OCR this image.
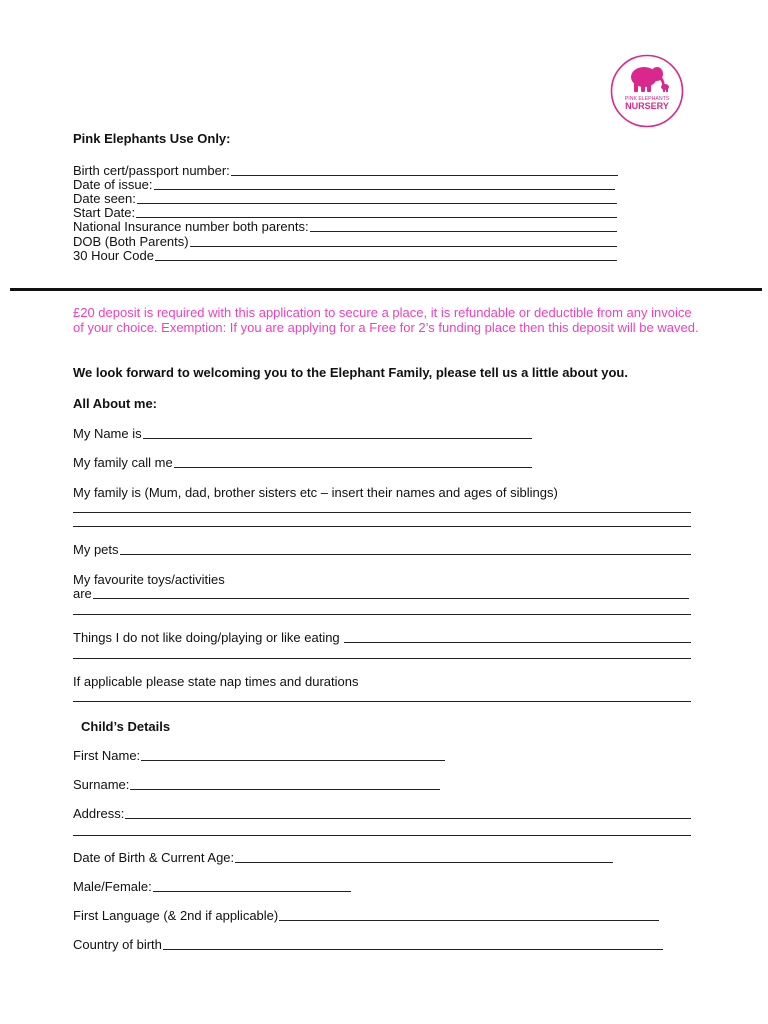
PINK ELEPHANTS
NURSERY
Pink Elephants Use Only:
Birth cert/passport number:
Date of issue:
Date seen:
Start Date:
National Insurance number both parents:
DOB (Both Parents)
30 Hour Code
£20 deposit is required with this application to secure a place, it is refundable or deductible from any invoice of your choice. Exemption: If you are applying for a Free for 2’s funding place then this deposit will be waved.
We look forward to welcoming you to the Elephant Family, please tell us a little about you.
All About me:
My Name is
My family call me
My family is (Mum, dad, brother sisters etc – insert their names and ages of siblings)
My pets
My favourite toys/activities
are
Things I do not like doing/playing or like eating
If applicable please state nap times and durations
Child’s Details
First Name:
Surname:
Address:
Date of Birth & Current Age:
Male/Female:
First Language (& 2nd if applicable)
Country of birth
